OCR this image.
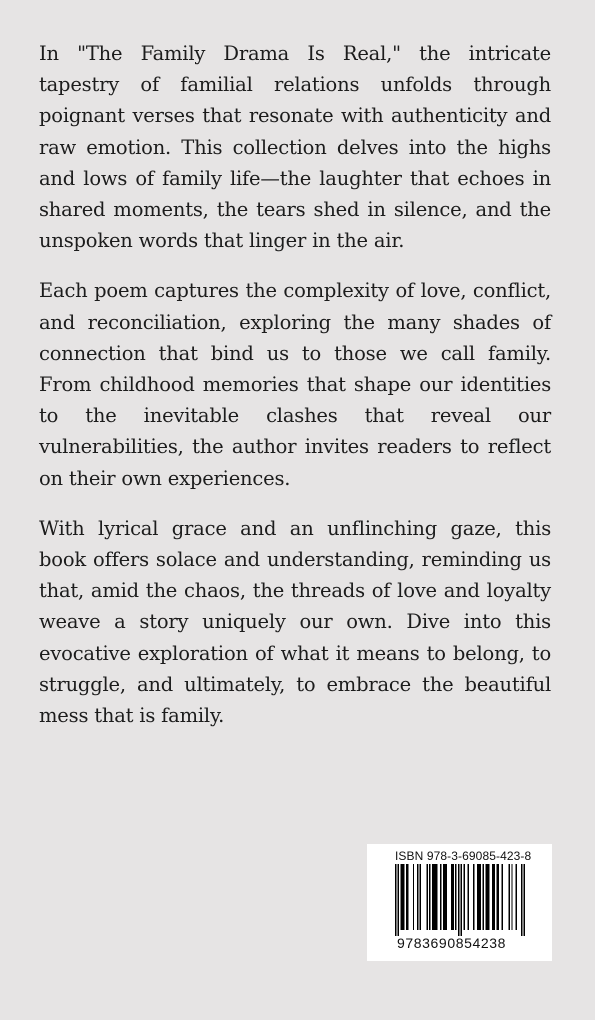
In "The Family Drama Is Real," the intricate tapestry of familial relations unfolds through poignant verses that resonate with authenticity and raw emotion. This collection delves into the highs and lows of family life—the laughter that echoes in shared moments, the tears shed in silence, and the unspoken words that linger in the air.

Each poem captures the complexity of love, conflict, and reconciliation, exploring the many shades of connection that bind us to those we call family. From childhood memories that shape our identities to the inevitable clashes that reveal our vulnerabilities, the author invites readers to reflect on their own experiences.

With lyrical grace and an unflinching gaze, this book offers solace and understanding, reminding us that, amid the chaos, the threads of love and loyalty weave a story uniquely our own. Dive into this evocative exploration of what it means to belong, to struggle, and ultimately, to embrace the beautiful mess that is family.

ISBN 978-3-69085-423-8
9783690854238
